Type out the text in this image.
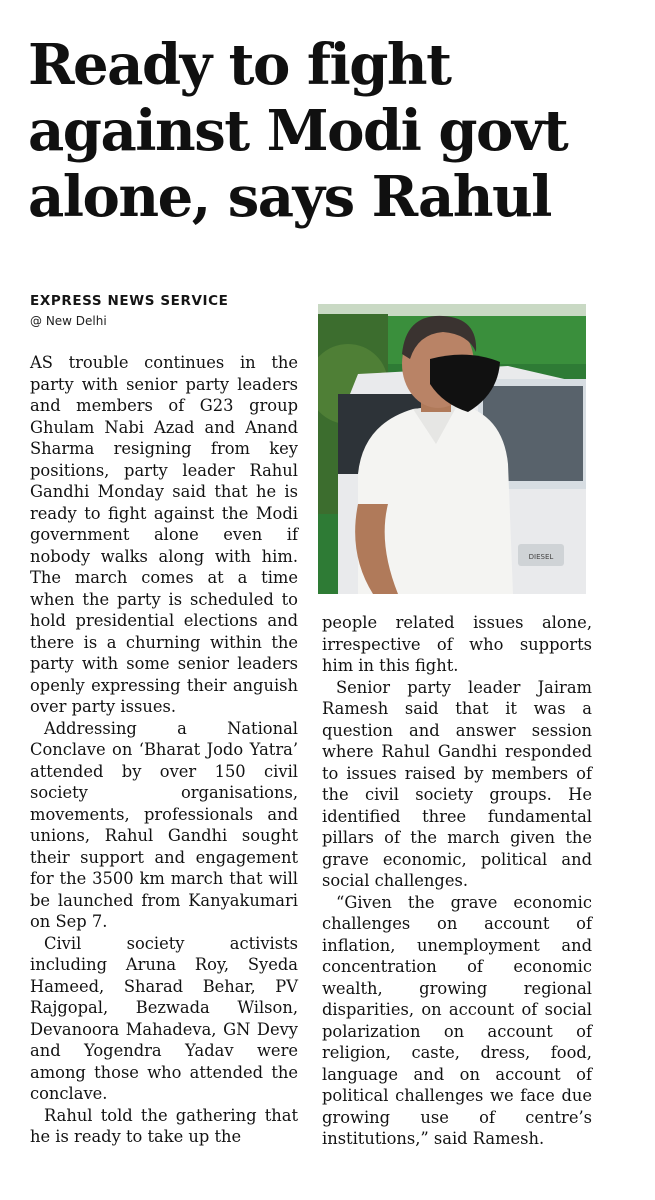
Ready to fight against Modi govt alone, says Rahul
EXPRESS NEWS SERVICE
@ New Delhi
DIESEL

AS trouble continues in the party with senior party leaders and members of G23 group Ghulam Nabi Azad and Anand Sharma resigning from key positions, party leader Rahul Gandhi Monday said that he is ready to fight against the Modi government alone even if nobody walks along with him. The march comes at a time when the party is scheduled to hold presidential elections and there is a churning within the party with some senior leaders openly expressing their anguish over party issues.

Addressing a National Conclave on ‘Bharat Jodo Yatra’ attended by over 150 civil society organisations, movements, professionals and unions, Rahul Gandhi sought their support and engagement for the 3500 km march that will be launched from Kanyakumari on Sep 7.

Civil society activists including Aruna Roy, Syeda Hameed, Sharad Behar, PV Rajgopal, Bezwada Wilson, Devanoora Mahadeva, GN Devy and Yogendra Yadav were among those who attended the conclave.

Rahul told the gathering that he is ready to take up the

people related issues alone, irrespective of who supports him in this fight.

Senior party leader Jairam Ramesh said that it was a question and answer session where Rahul Gandhi responded to issues raised by members of the civil society groups. He identified three fundamental pillars of the march given the grave economic, political and social challenges.

“Given the grave economic challenges on account of inflation, unemployment and concentration of economic wealth, growing regional disparities, on account of social polarization on account of religion, caste, dress, food, language and on account of political challenges we face due growing use of centre’s institutions,” said Ramesh.
